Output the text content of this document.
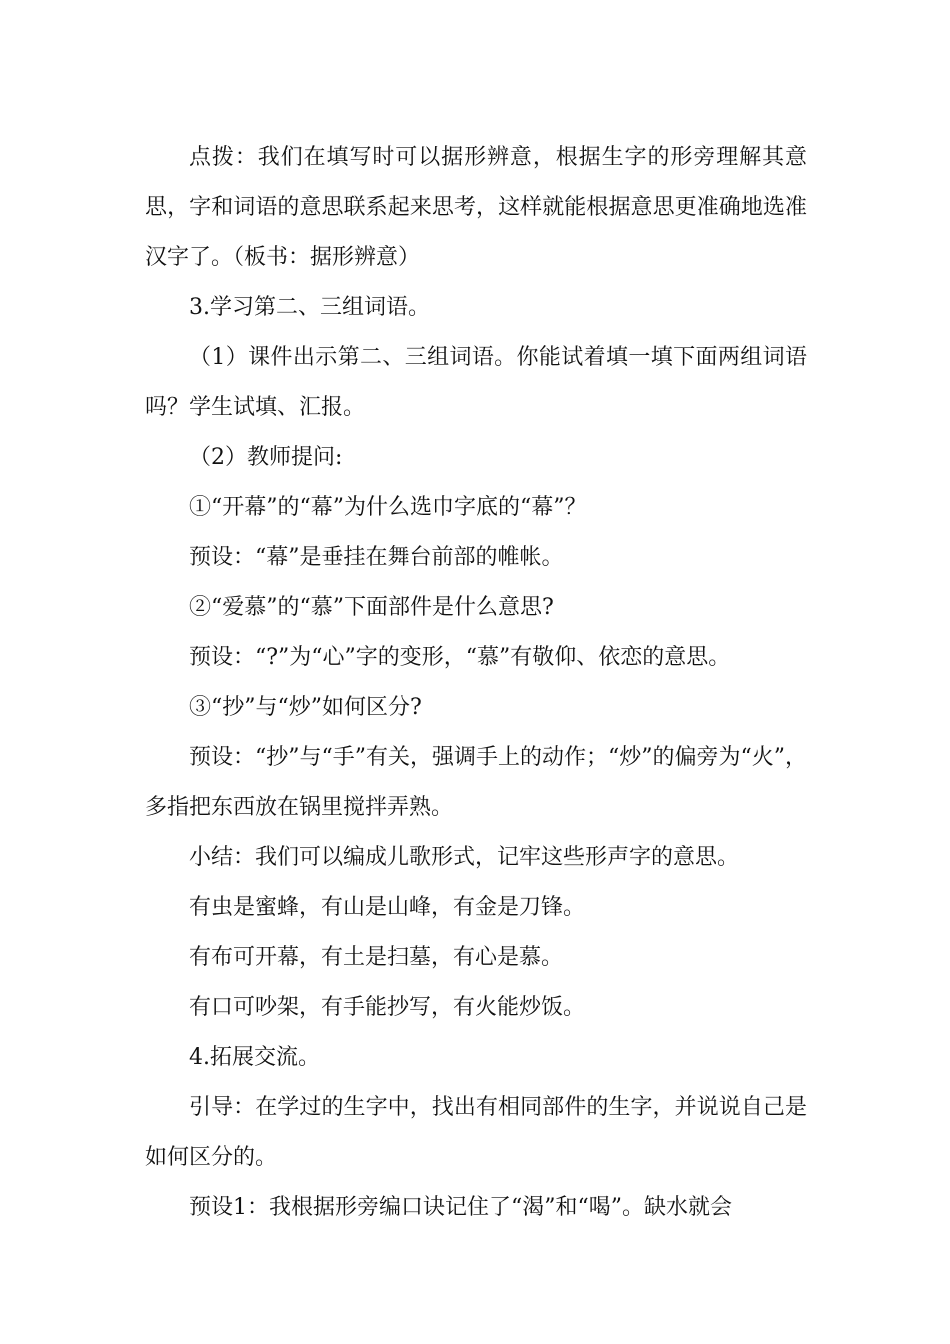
点拨：我们在填写时可以据形辨意，根据生字的形旁理解其意思，字和词语的意思联系起来思考，这样就能根据意思更准确地选准汉字了。（板书：据形辨意）

3.学习第二、三组词语。

（1）课件出示第二、三组词语。你能试着填一填下面两组词语吗？学生试填、汇报。

（2）教师提问:

①“开幕”的“幕”为什么选巾字底的“幕”？

预设：“幕”是垂挂在舞台前部的帷帐。

②“爱慕”的“慕”下面部件是什么意思?

预设：“?”为“心”字的变形，“慕”有敬仰、依恋的意思。

③“抄”与“炒”如何区分?

预设：“抄”与“手”有关，强调手上的动作；“炒”的偏旁为“火”，多指把东西放在锅里搅拌弄熟。

小结：我们可以编成儿歌形式，记牢这些形声字的意思。

有虫是蜜蜂，有山是山峰，有金是刀锋。

有布可开幕，有土是扫墓，有心是慕。

有口可吵架，有手能抄写，有火能炒饭。

4.拓展交流。

引导：在学过的生字中，找出有相同部件的生字，并说说自己是如何区分的。

预设1：我根据形旁编口诀记住了“渴”和“喝”。缺水就会
